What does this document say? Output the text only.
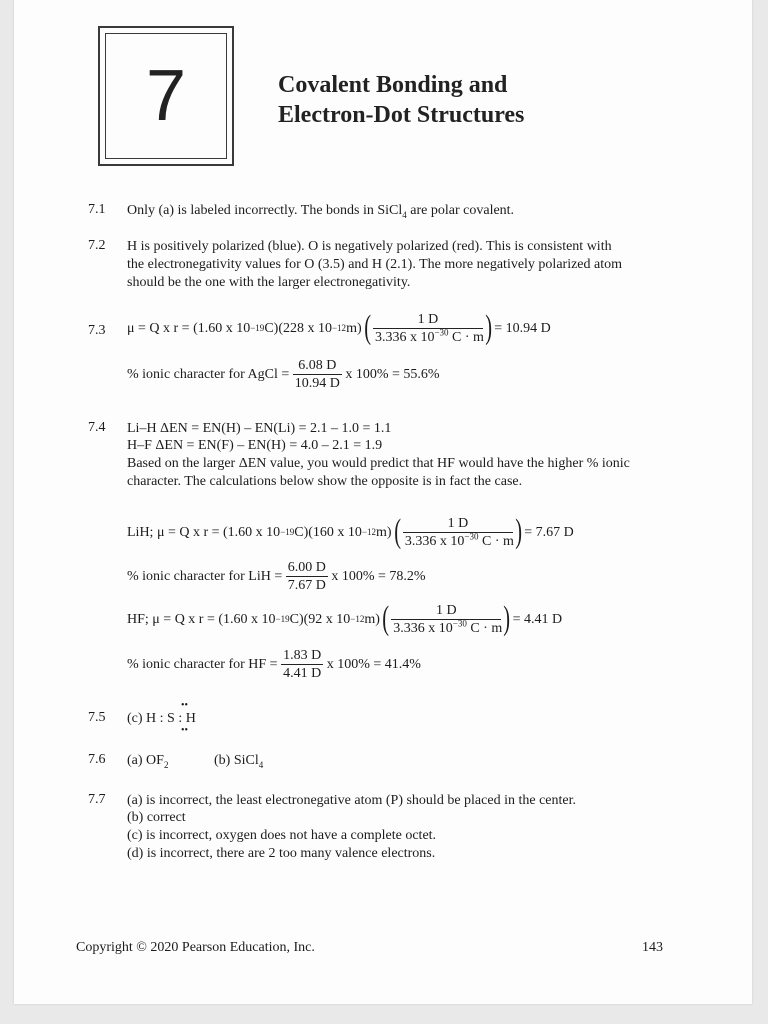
7	Covalent Bonding and
Electron-Dot Structures
7.1 Only (a) is labeled incorrectly. The bonds in SiCl$_4$ are polar covalent.
7.2 H is positively polarized (blue). O is negatively polarized (red). This is consistent with
the electronegativity values for O (3.5) and H (2.1). The more negatively polarized atom
should be the one with the larger electronegativity.
7.3 μ = Q x r = (1.60 x 10 −19 C)(228 x 10 −12 m) ( $\frac{1 D}{3.336 x 10^{-30} C \cdot m}$ ) = 10.94 D
% ionic character for AgCl =
$\frac{6.08 D}{10.94 D}$
x 100% = 55.6%
7.4 Li–H ΔEN = EN(H) – EN(Li) = 2.1 – 1.0 = 1.1
H–F ΔEN = EN(F) – EN(H) = 4.0 – 2.1 = 1.9
Based on the larger ΔEN value, you would predict that HF would have the higher % ionic
character. The calculations below show the opposite is in fact the case.
LiH; μ = Q x r = (1.60 x 10 −19 C)(160 x 10 −12 m) ( $\frac{1 D}{3.336 x 10^{-30} C \cdot m}$ ) = 7.67 D
% ionic character for LiH =
$\frac{6.00 D}{7.67 D}$
x 100% = 78.2%
HF; μ = Q x r = (1.60 x 10 −19 C)(92 x 10 −12 m) ( $\frac{1 D}{3.336 x 10^{-30} C \cdot m}$ ) = 4.41 D
% ionic character for HF =
$\frac{1.83 D}{4.41 D}$
x 100% = 41.4%
7.5 (c) H : S : H
••
••
7.6 (a) $OF_2$	(b) SiCl$_4$
7.7 (a) is incorrect, the least electronegative atom (P) should be placed in the center.
(b) correct
(c) is incorrect, oxygen does not have a complete octet.
(d) is incorrect, there are 2 too many valence electrons.
Copyright © 2020 Pearson Education, Inc.	143
